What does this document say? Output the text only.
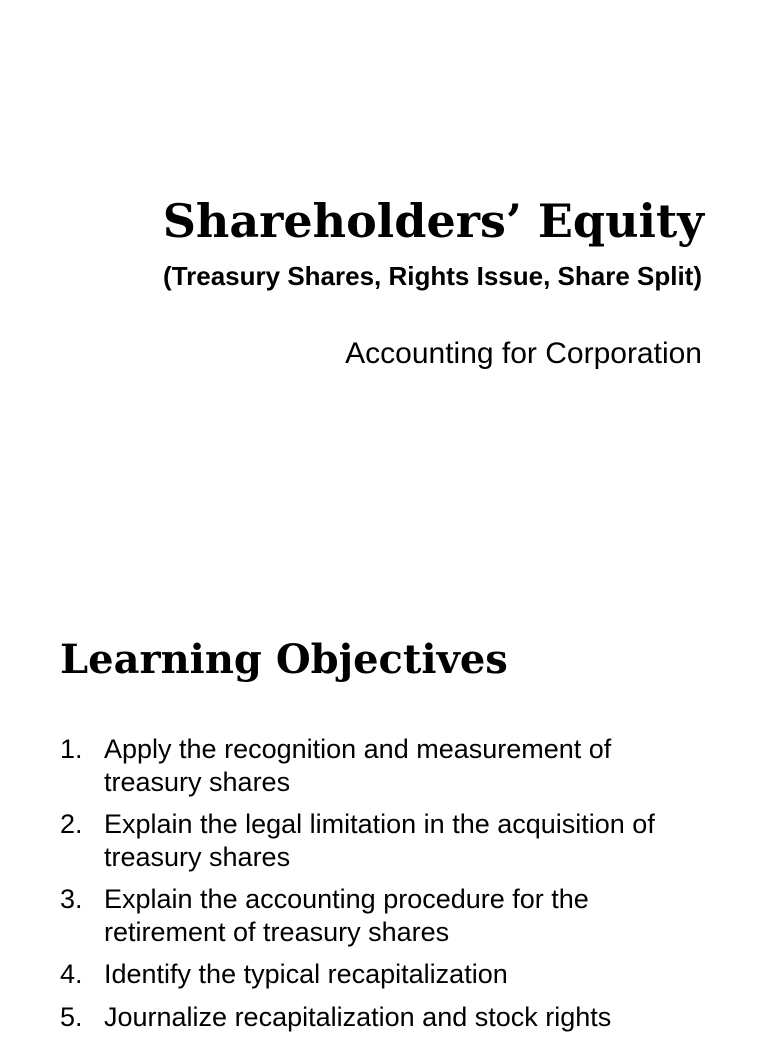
Shareholders’ Equity
(Treasury Shares, Rights Issue, Share Split)
Accounting for Corporation
Learning Objectives
1. Apply the recognition and measurement of treasury shares
2. Explain the legal limitation in the acquisition of treasury shares
3. Explain the accounting procedure for the retirement of treasury shares
4. Identify the typical recapitalization
5. Journalize recapitalization and stock rights
